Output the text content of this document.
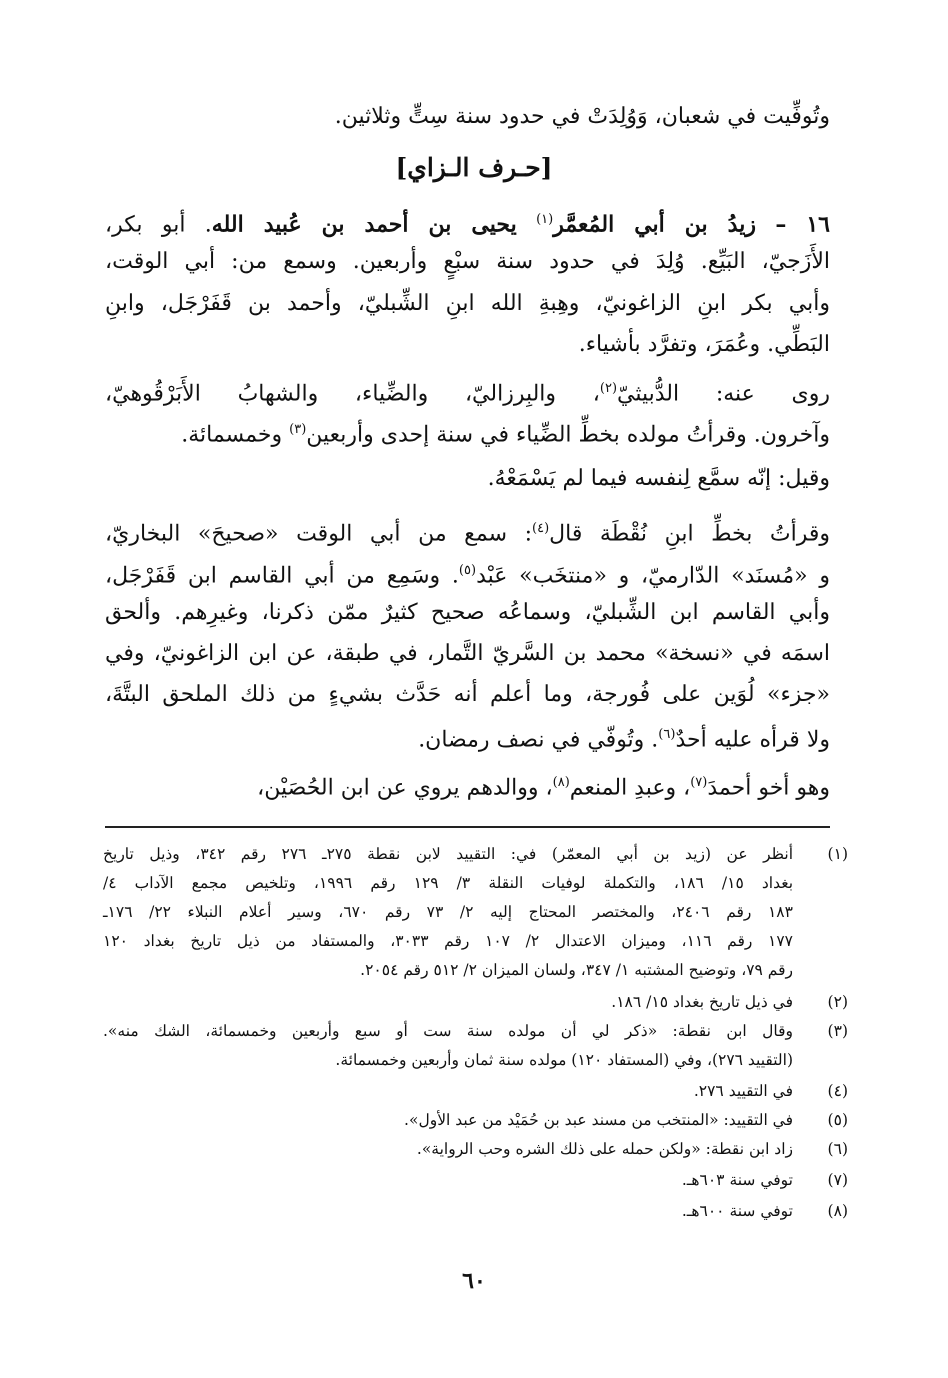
وتُوفِّيت في شعبان، وَوُلِدَتْ في حدود سنة سِتٍّ وثلاثين.
[حـرف الـزاي]
١٦ – زيدُ بن أبي المُعمَّر$^{(١)}$ يحيى بن أحمد بن عُبيد الله. أبو بكر،
الأَزَجيّ، البَيِّع. وُلِدَ في حدود سنة سبْعٍ وأربعين. وسمع من: أبي الوقت،
وأبي بكر ابنِ الزاغونيّ، وهِبةِ الله ابنِ الشِّبليّ، وأحمد بن قَفَرْجَل، وابنِ
البَطِّي. وعُمَرَ، وتفرَّد بأشياء.
روى عنه: الدُّبيثيّ$^{(٢)}$، والبِرزاليّ، والضِّياء، والشهابُ الأَبَرْقُوهيّ،
وآخرون. وقرأتُ مولده بخطِّ الضِّياء في سنة إحدى وأربعين$^{(٣)}$ وخمسمائة.
وقيل: إنّه سمَّع لِنفسه فيما لم يَسْمَعْهُ.
وقرأتُ بخطِّ ابنِ نُقْطَة قال$^{(٤)}$: سمع من أبي الوقت «صحيحَ» البخاريّ،
و «مُسنَد» الدّارميّ، و «منتخَب» عَبْد$^{(٥)}$. وسَمِع من أبي القاسم ابن قَفَرْجَل،
وأبي القاسم ابن الشِّبليّ، وسماعُه صحيح كثيرٌ ممّن ذكرنا، وغيرِهم. وألحق
اسمَه في «نسخة» محمد بن السَّريّ التَّمار، في طبقة، عن ابن الزاغونيّ، وفي
«جزء» لُوَين على فُورجة، وما أعلم أنه حَدَّث بشيءٍ من ذلك الملحق البتَّةَ،
ولا قرأه عليه أحدٌ$^{(٦)}$. وتُوفّي في نصف رمضان.
وهو أخو أحمدَ$^{(٧)}$، وعبدِ المنعم$^{(٨)}$، ووالدهم يروي عن ابن الحُصَيْن،
(١)
أنظر عن (زيد بن أبي المعمّر) في: التقييد لابن نقطة ٢٧٥ـ ٢٧٦ رقم ٣٤٢، وذيل تاريخ
بغداد ١٥/ ١٨٦، والتكملة لوفيات النقلة ٣/ ١٢٩ رقم ١٩٩٦، وتلخيص مجمع الآداب ٤/
١٨٣ رقم ٢٤٠٦، والمختصر المحتاج إليه ٢/ ٧٣ رقم ٦٧٠، وسير أعلام النبلاء ٢٢/ ١٧٦ـ
١٧٧ رقم ١١٦، وميزان الاعتدال ٢/ ١٠٧ رقم ٣٠٣٣، والمستفاد من ذيل تاريخ بغداد ١٢٠
رقم ٧٩، وتوضيح المشتبه ١/ ٣٤٧، ولسان الميزان ٢/ ٥١٢ رقم ٢٠٥٤.
(٢)
في ذيل تاريخ بغداد ١٥/ ١٨٦.
(٣)
وقال ابن نقطة: «ذكر لي أن مولده سنة ست أو سبع وأربعين وخمسمائة، الشك منه».
(التقييد ٢٧٦)، وفي (المستفاد ١٢٠) مولده سنة ثمان وأربعين وخمسمائة.
(٤)
في التقييد ٢٧٦.
(٥)
في التقييد: «المنتخب من مسند عبد بن حُمَيْد من عبد الأول».
(٦)
زاد ابن نقطة: «ولكن حمله على ذلك الشره وحب الرواية».
(٧)
توفي سنة ٦٠٣هـ.
(٨)
توفي سنة ٦٠٠هـ.
٦٠
